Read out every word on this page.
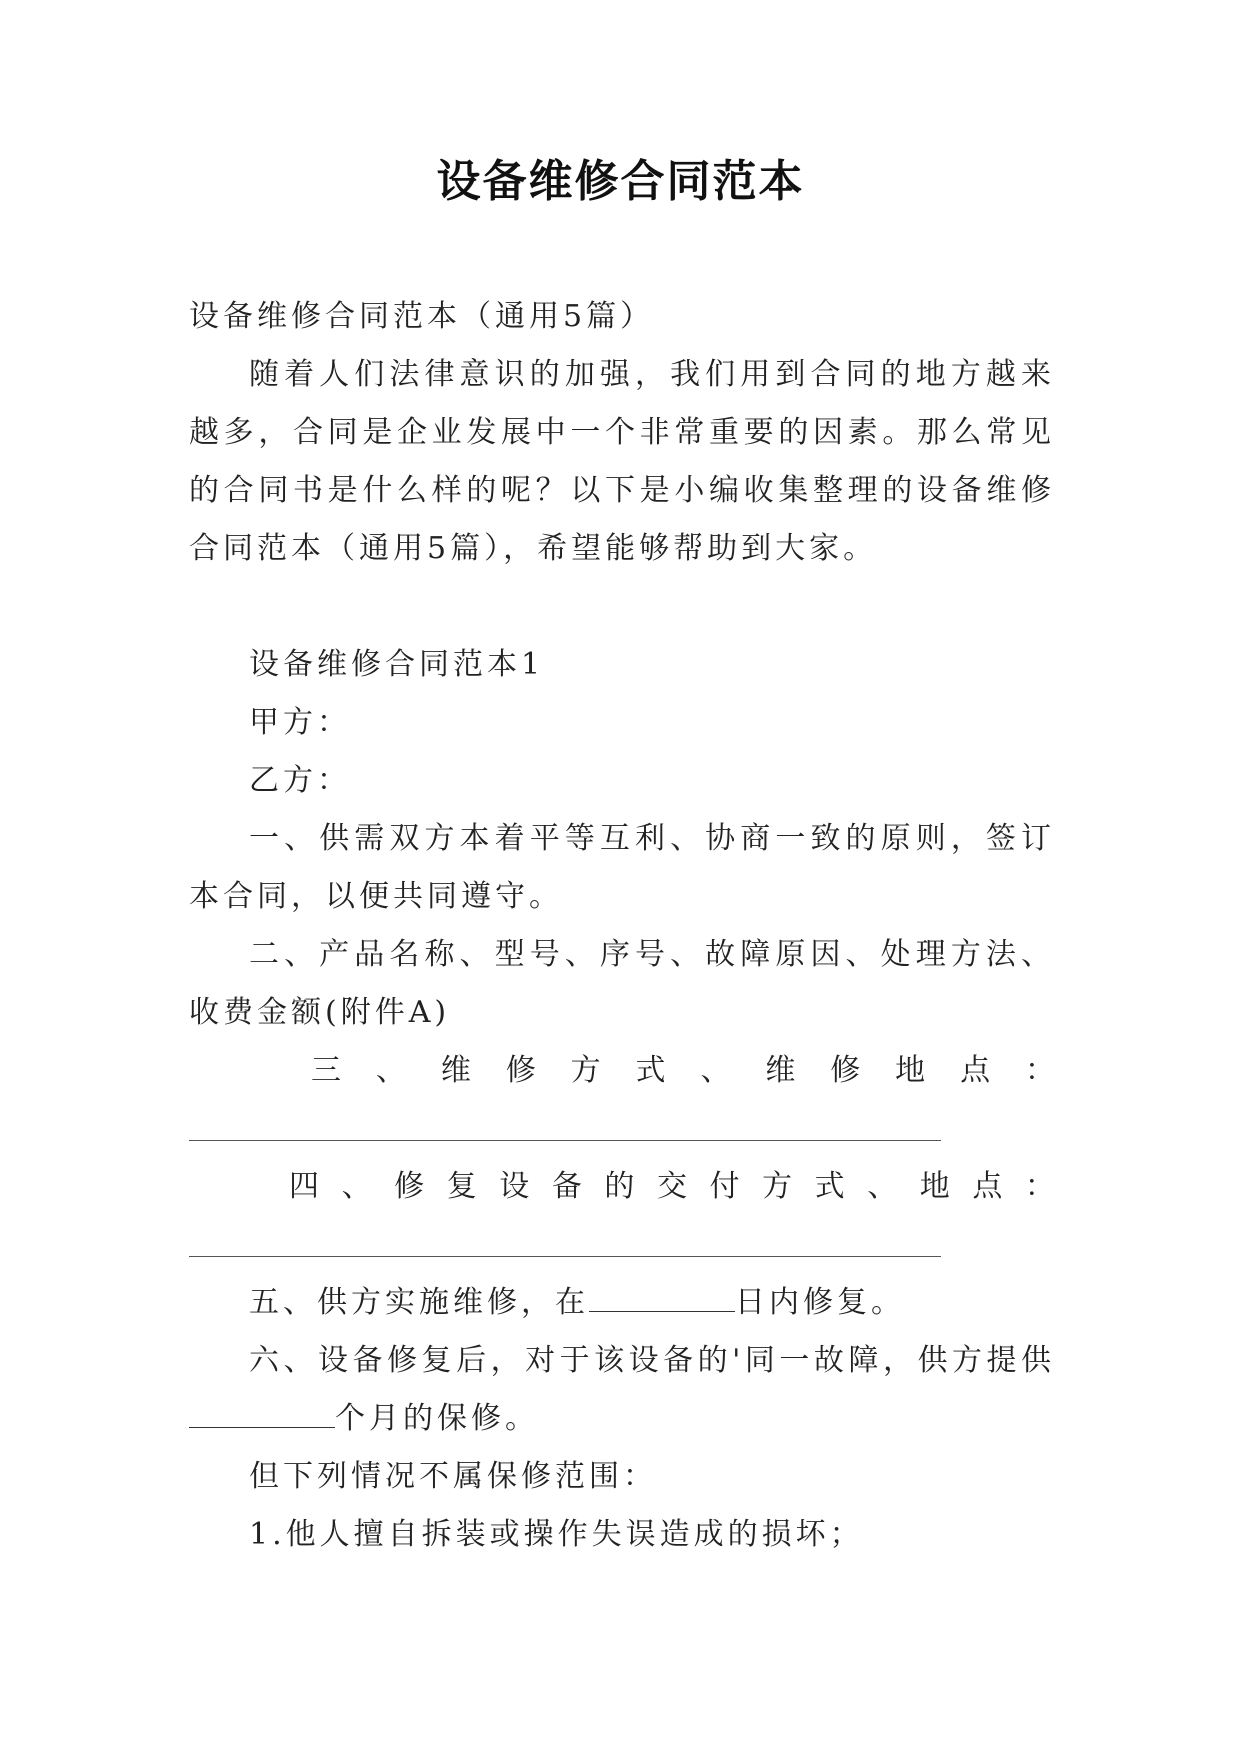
设备维修合同范本

设备维修合同范本（通用5篇）

随着人们法律意识的加强，我们用到合同的地方越来越多，合同是企业发展中一个非常重要的因素。那么常见的合同书是什么样的呢？以下是小编收集整理的设备维修合同范本（通用5篇），希望能够帮助到大家。

设备维修合同范本1

甲方：

乙方：

一、供需双方本着平等互利、协商一致的原则，签订本合同，以便共同遵守。

二、产品名称、型号、序号、故障原因、处理方法、收费金额(附件A)

三 、 维 修 方 式 、 维 修 地 点 ：
四 、 修 复 设 备 的 交 付 方 式 、 地 点 ：

五、供方实施维修，在	日内修复。

六、设备修复后，对于该设备的'同一故障，供方提供个月的保修。

但下列情况不属保修范围：

1.他人擅自拆装或操作失误造成的损坏；
